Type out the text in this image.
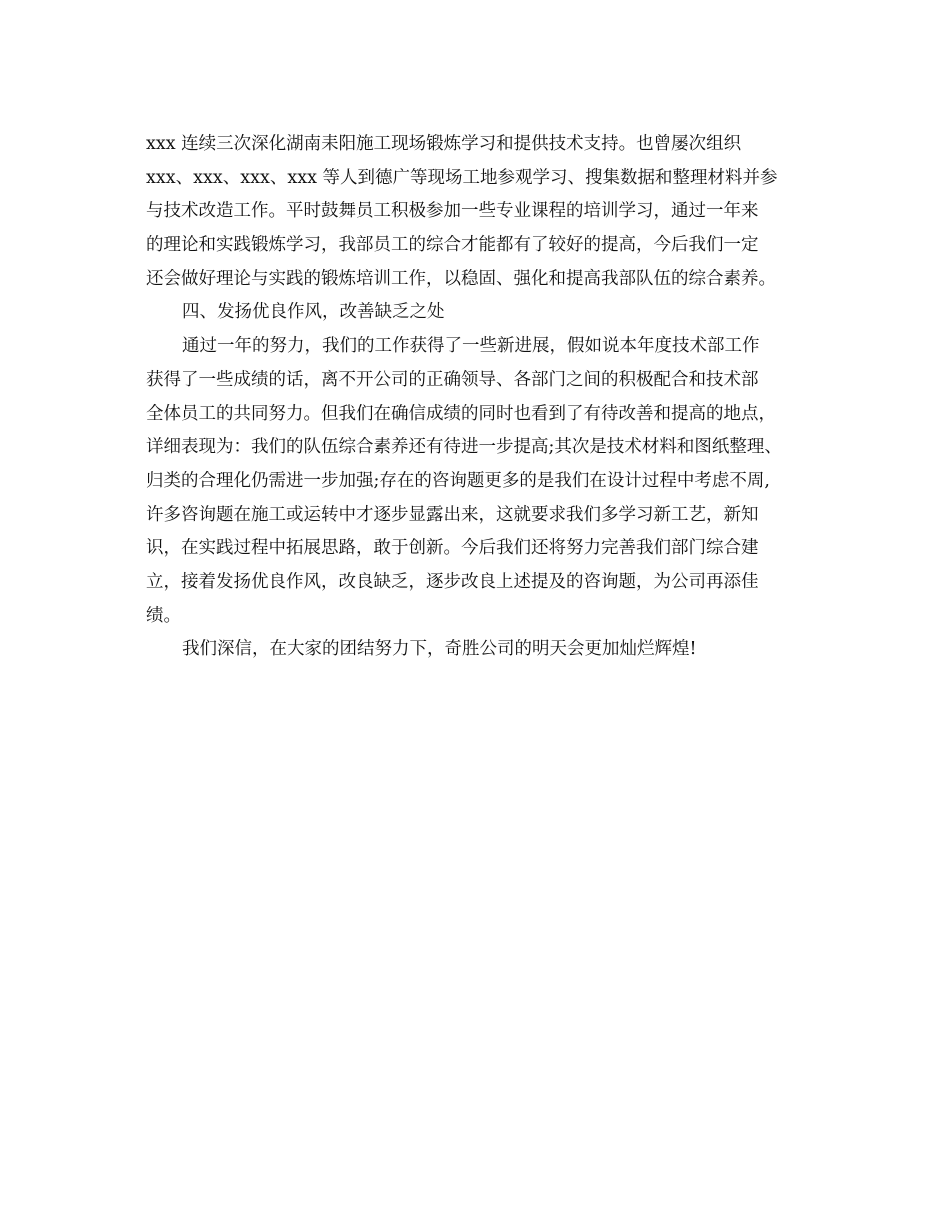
xxx 连续三次深化湖南耒阳施工现场锻炼学习和提供技术支持。也曾屡次组织

xxx、xxx、xxx、xxx 等人到德广等现场工地参观学习、搜集数据和整理材料并参

与技术改造工作。平时鼓舞员工积极参加一些专业课程的培训学习，通过一年来

的理论和实践锻炼学习，我部员工的综合才能都有了较好的提高，今后我们一定

还会做好理论与实践的锻炼培训工作，以稳固、强化和提高我部队伍的综合素养。

四、发扬优良作风，改善缺乏之处

通过一年的努力，我们的工作获得了一些新进展，假如说本年度技术部工作

获得了一些成绩的话，离不开公司的正确领导、各部门之间的积极配合和技术部

全体员工的共同努力。但我们在确信成绩的同时也看到了有待改善和提高的地点，

详细表现为：我们的队伍综合素养还有待进一步提高;其次是技术材料和图纸整理、

归类的合理化仍需进一步加强;存在的咨询题更多的是我们在设计过程中考虑不周,

许多咨询题在施工或运转中才逐步显露出来，这就要求我们多学习新工艺，新知

识，在实践过程中拓展思路，敢于创新。今后我们还将努力完善我们部门综合建

立，接着发扬优良作风，改良缺乏，逐步改良上述提及的咨询题，为公司再添佳

绩。

我们深信，在大家的团结努力下，奇胜公司的明天会更加灿烂辉煌!
